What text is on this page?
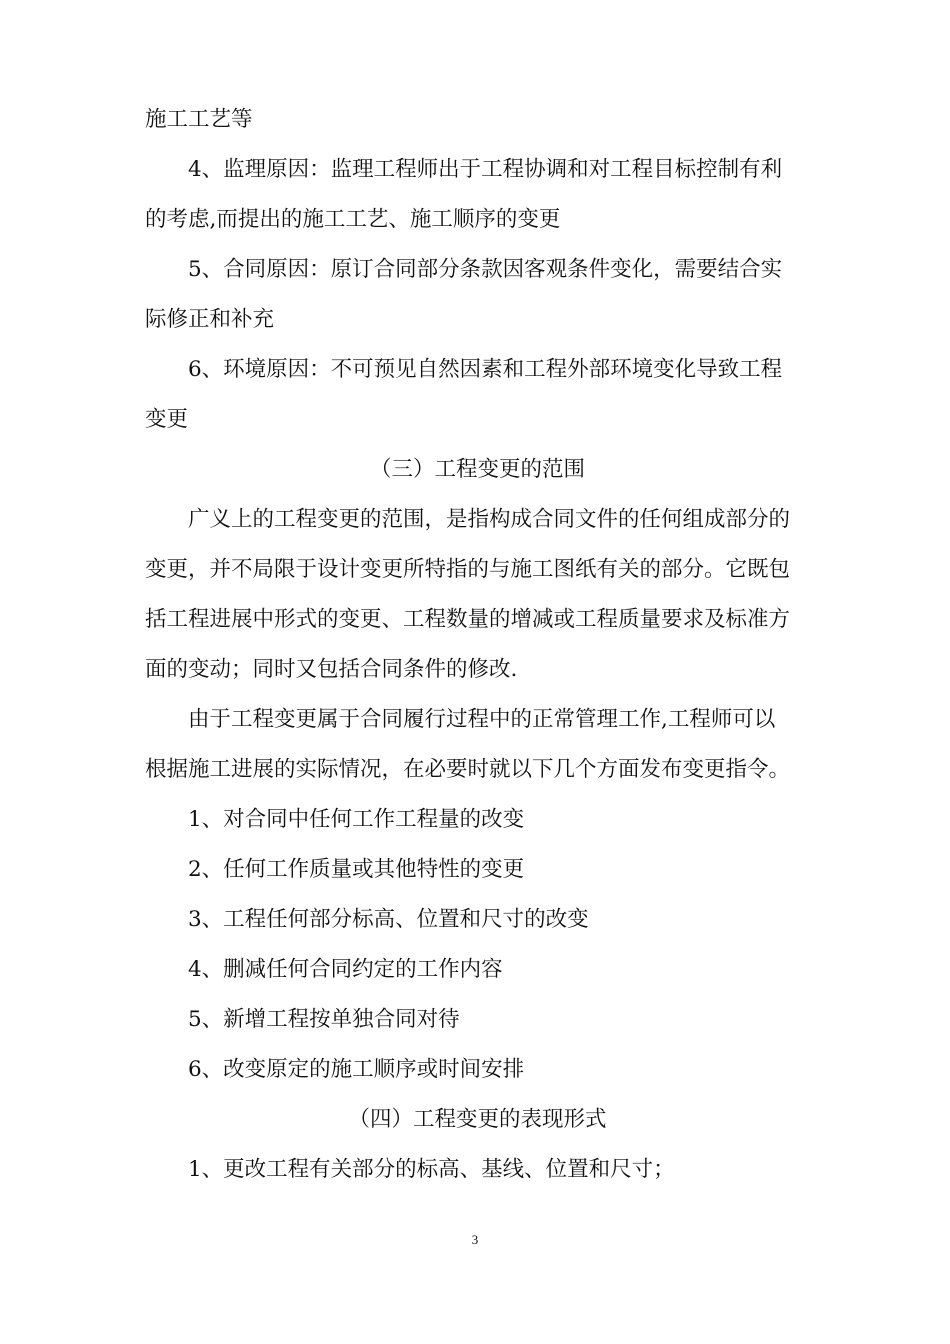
施工工艺等
4、监理原因：监理工程师出于工程协调和对工程目标控制有利
的考虑,而提出的施工工艺、施工顺序的变更
5、合同原因：原订合同部分条款因客观条件变化，需要结合实
际修正和补充
6、环境原因：不可预见自然因素和工程外部环境变化导致工程
变更
（三）工程变更的范围
广义上的工程变更的范围，是指构成合同文件的任何组成部分的
变更，并不局限于设计变更所特指的与施工图纸有关的部分。它既包
括工程进展中形式的变更、工程数量的增减或工程质量要求及标准方
面的变动；同时又包括合同条件的修改.
由于工程变更属于合同履行过程中的正常管理工作,工程师可以
根据施工进展的实际情况，在必要时就以下几个方面发布变更指令。
1、对合同中任何工作工程量的改变
2、任何工作质量或其他特性的变更
3、工程任何部分标高、位置和尺寸的改变
4、删减任何合同约定的工作内容
5、新增工程按单独合同对待
6、改变原定的施工顺序或时间安排
（四）工程变更的表现形式
1、更改工程有关部分的标高、基线、位置和尺寸；
3
